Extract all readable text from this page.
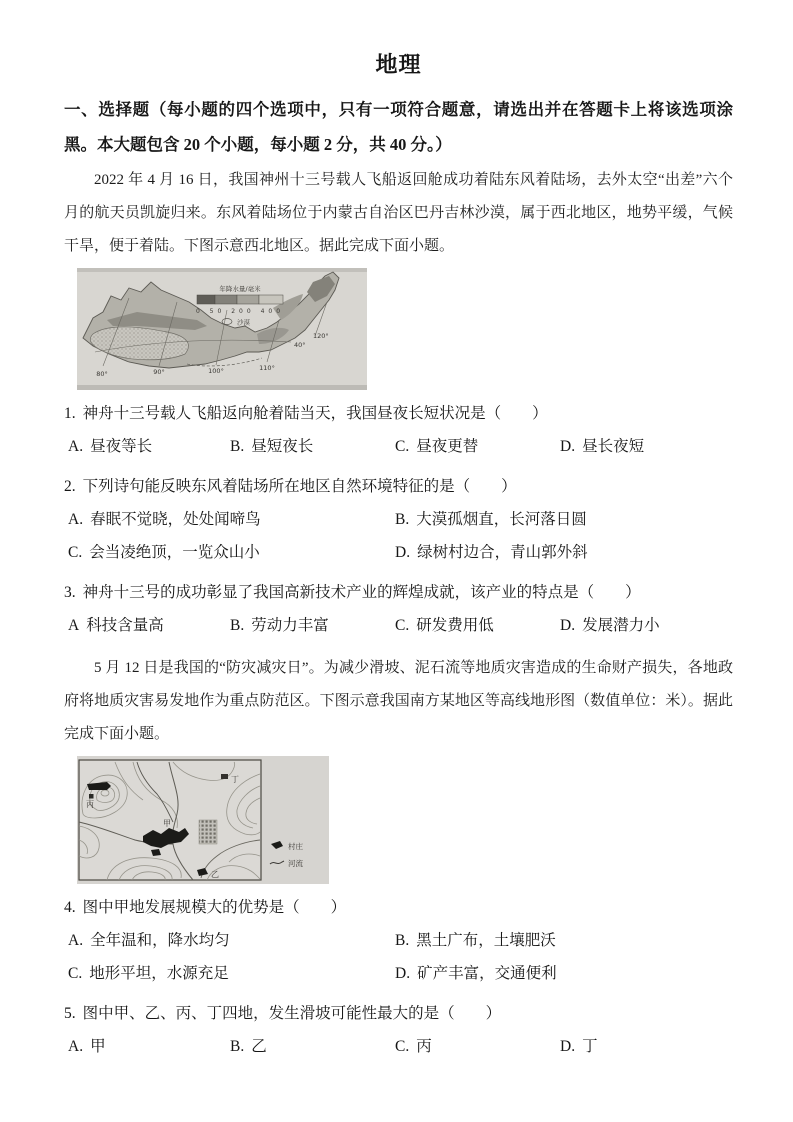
地理
一、选择题（每小题的四个选项中，只有一项符合题意，请选出并在答题卡上将该选项涂黑。本大题包含 20 个小题，每小题 2 分，共 40 分。）

2022 年 4 月 16 日，我国神州十三号载人飞船返回舱成功着陆东风着陆场，去外太空“出差”六个月的航天员凯旋归来。东风着陆场位于内蒙古自治区巴丹吉林沙漠，属于西北地区，地势平缓，气候干旱，便于着陆。下图示意西北地区。据此完成下面小题。

年降水量/毫米
0 50 200 400
沙漠
80°	90°	100°	110°
40°
120°
1. 神舟十三号载人飞船返向舱着陆当天，我国昼夜长短状况是（　　）
A. 昼夜等长	B. 昼短夜长	C. 昼夜更替	D. 昼长夜短
2. 下列诗句能反映东风着陆场所在地区自然环境特征的是（　　）
A. 春眠不觉晓，处处闻啼鸟	B. 大漠孤烟直，长河落日圆
C. 会当凌绝顶，一览众山小	D. 绿树村边合，青山郭外斜
3. 神舟十三号的成功彰显了我国高新技术产业的辉煌成就，该产业的特点是（　　）
A 科技含量高	B. 劳动力丰富	C. 研发费用低	D. 发展潜力小

5 月 12 日是我国的“防灾减灾日”。为减少滑坡、泥石流等地质灾害造成的生命财产损失，各地政府将地质灾害易发地作为重点防范区。下图示意我国南方某地区等高线地形图（数值单位：米）。据此完成下面小题。

丙
甲
乙
丁
村庄
河流
4. 图中甲地发展规模大的优势是（　　）
A. 全年温和，降水均匀	B. 黑土广布，土壤肥沃
C. 地形平坦，水源充足	D. 矿产丰富，交通便利
5. 图中甲、乙、丙、丁四地，发生滑坡可能性最大的是（　　）
A. 甲	B. 乙	C. 丙	D. 丁
